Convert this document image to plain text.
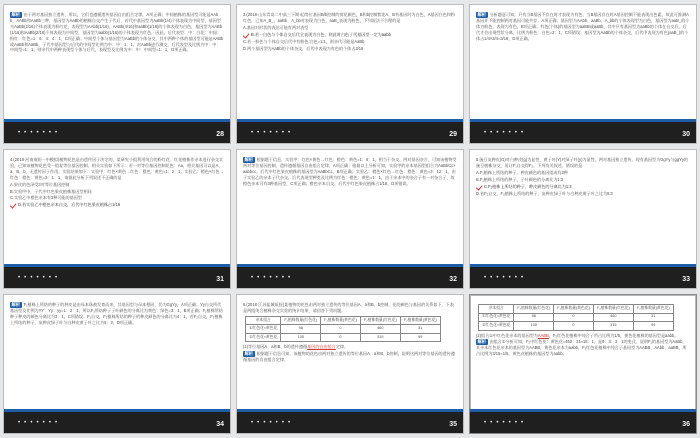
解析 由于两对基因独立遗传，所以，它们也遵循遗传基因自由组合定律，A项正确；中间植株的基因型可能是AAbb、AABb和AaBb三种，基因型为AaBb的植株自交产生子代后，若代中基因型为AaBb(1/4)个体表现为中间型，基因型为AaBb(2/16)个体表现为粉红花，表现型为AAbb(1/16)、AABb(4/16)和aaBb(1/16)的个体表现为白色，基因型为AABb(1/16)和AaBb(2/16)个体表现为中间型，基因型为aabb(1/16)的个体表现为红色，因此，后代表型：中：白花：中间：粉红：红色=1：6：4：4：1，C项正确；中间型个体与基因型为AaBb的个体杂交，其中两种个体的基因型可能是AABb或AaBb和AaBb，子代中基因型与后代的中间型比例为中：中：1：1，对AaBb进行测交，后代表型及比例为中：中：中间型=1：1，则亲代中两种表现型个体与后代，表现型及比例为中：中：中间型=1：1，D项正确。
• • • • • • •	28
3.(2018·山东青岛二中高三下期末)等位基因B/b控制的荷花颜色，B和b控制紫花A、B有基因时为白色，A基因白色和粉红色，已知A_B_、aaBb、A_bb对表现为白色，aaB_表现为粉色，下列说法不合理的是
A.基因对形状的表达可能有两对表型
B.若一白色与个体自交后代全表现为白色，则此时白色子代基因型一定为aabb
C.若一粉色与个体自交后代中有粉色∶白色=1∶1，则亲代可能是AaBb
D.两个基因型为AaBb的个体杂交，后代中表现为有色的个体占3/16
• • • • • • •	29
解析 分析题意可知，只有当B基因不存在时才表现为有色，当B基因存在时A基因控制不能表现出色素，故此可推测A基因并不能控制两对基因可能共存，A项正确；基因型为AAbb、aaBb、A_bb的个体表现型为白色，基因型为aaB_的个体为粉色，表现为有色，B项正确；有色(个体)的基因型为aaBB或aaBb，其中只有基因型为aaBb的个体在自交后，后代才会出现性状分离，比例为粉色：白色=3：1，C项错误；基因型为AaBb的个体杂交，后代中表现为有色(aaB_)的个体占1/4×3/4=3/16，D项正确。
• • • • • • •	30
4.(2018·河南南阳一中模拟)植物花色是由遗传因子决定的，某研究小组利用纯合的粉红花、红花植株作亲本进行杂交实验，已知该植物花色受一组复等位基因控制，相关实验如下所示：若一对等位基因控制花色：Aa，相关基因可以是A、a、B、b，无遗传因子作用，实验结果如下：实验甲：红色×黄色→红色：橙色：黄色=1：2：1；实验乙：橙色×红色→红色：橙色：黄色=3：1：1。请据此分析下列叙述不正确的是
A.果皮的色泽受3对等位基因控制
B.实验甲中，子代中红色果皮植株基因型相同
C.实验乙中橙色亲本有3种可能的基因型
D.若实验乙中橙色亲本自交，后代中红色果皮植株占1/16
• • • • • • •	31
解析 根据题干信息，实验甲：红色×黄色→红色：橙色：黄色=1：6：1，相当于杂交，两对基因杂合，可知该植物受两对等位基因控制，遗传遵循基因自由组合定律，A项正确；根据以上分析可知，实验甲的亲本基因型组合为AaBbCc×aabbcc，后代中红色果皮植株的基因型为AaBbCc，B项正确；实验乙：橙色×红色→红色：橙色：黄色=3：12：1，由于实验乙的亲本子代杂交，后代表现型种类及比例为红色：橙色：黄色=1：1，由于亲本中的杂合子有一对杂合子，故橙色亲本可有3种基因型，C项正确；橙色亲本自交，后代中红色果皮植株占1/16，D项错误。
• • • • • • •	32
5.豌豆灰种皮(G)对白种皮(g)为显性，黄子叶(Y)对绿子叶(y)为显性，两对基因独立遗传。现有基因型为GgYy与ggYy的豌豆植株杂交，再让F₁自交得F₂。下列有关叙述，错误的是
A.F₁植株上所结的种子，种皮颜色的基因组成有2种
B.F₁植株上所结的种子，子叶颜色的分离比为1∶3
C.F₂植株上所结的种子，种皮颜色的分离比为1∶3
D.若F₂自交，F₃植株上所结的种子，灰种皮绿子叶与白种皮黄子叶之比为5∶3
• • • • • • •	33
解析 F₁植株上所结的种子的种皮是由母本珠被发育而来，其基因型与母本相同，仍为GgYy，A项正确；Yy自交所代基因型及比例为YY：Yy：yy=1：2：1，所以F₁所结种子子叶颜色的分离比为黄色：绿色=3：1，B项正确；F₁植株所结种子种皮的颜色分离比为3：1，C项错误；F₁自交，F₂植株所结的种子的种皮颜色的分离比为4：1，若F₂自交，F₃植株上所结的种子，灰种皮绿子叶与白种皮黄子叶之比为5：3，D项正确。
• • • • • • •	34
6.(2018·江苏盐城质检)某植物的花色由两对独立遗传的等位基因A、a和B、b控制，花的颜色与基因的关系如下，下表是两组纯合植株杂交实验的统计结果，请回答下列问题。
亲本组合	F₁植株数量(红色花)	F₁植株数量(黄色花)	F₂植株数量(红色花)	F₂植株数量(黄色花)
①红色花×黄色花	98	0	460	31
②红色花×黄色花	105	0	315	99
(1)等位基因A、a和B、b的遗传遵循基因的自由组合定律。
解析 根据题干信息可知，该植物的花色由两对独立遗传的等位基因A、a和B、b控制，说明这两对等位基因的遗传遵循基因的自由组合定律。
• • • • • • •	35
亲本组合	F₁植株数量(红色花)	F₁植株数量(黄色花)	F₂植株数量(红色花)	F₂植株数量(黄色花)
①红色花×黄色花	98	0	460	31
②红色花×黄色花	105	0	315	99
(2)组合①中红色花亲本的基因型为AABB，F₂红色花植株中纯合子所占比例为1/5，黄色花植株的基因型是aabb。
解析 由组合①分析可知，F₂中红色花：黄色花=460：31≈15：1，是9：3：3：1的变式，说明F₁的基因型为AaBb，其亲本红色花亲本的基因型为AABB，黄色花亲本为aabb。F₂红色花植株中纯合子基因型为AABB、AAbb、aaBB，所占比例为3/15=1/5，黄色花植株的基因型为aabb。
• • • • • • •	36
